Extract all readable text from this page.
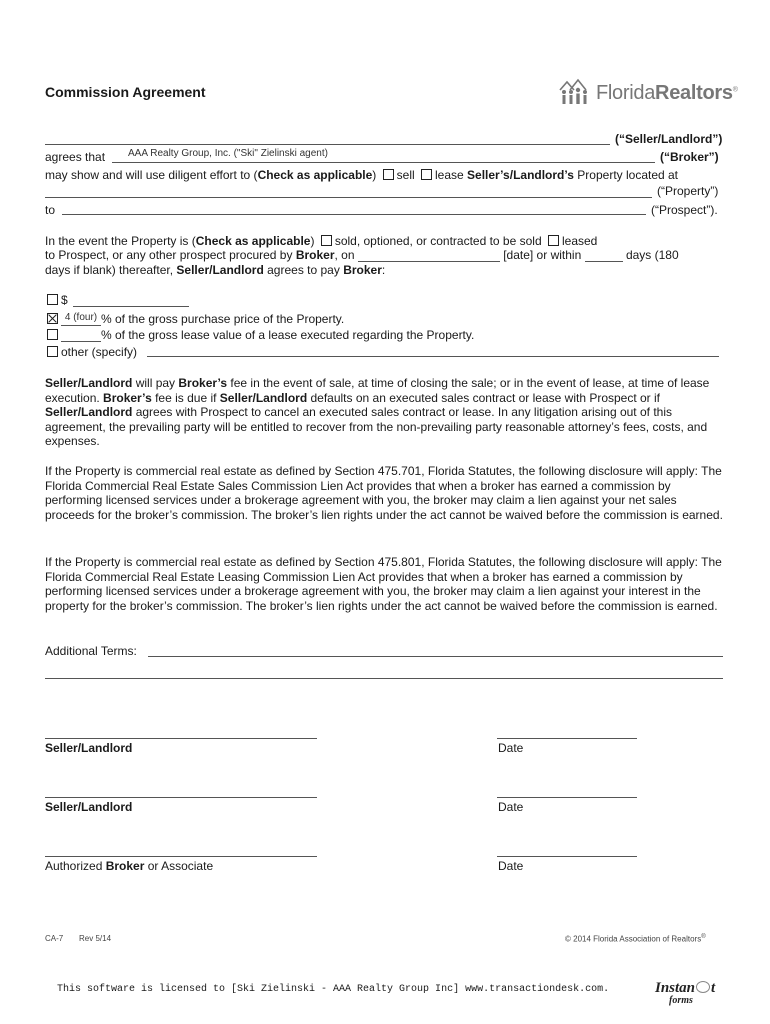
Commission Agreement	FloridaRealtors®
(“Seller/Landlord”)
agrees that AAA Realty Group, Inc. ("Ski" Zielinski agent)	(“Broker”)
may show and will use diligent effort to (Check as applicable) sell lease Seller’s/Landlord’s Property located at
(“Property”)
to	(“Prospect”).
In the event the Property is (Check as applicable) sold, optioned, or contracted to be sold leased
to Prospect, or any other prospect procured by Broker, on	[date] or within	days (180
days if blank) thereafter, Seller/Landlord agrees to pay Broker:
$
4 (four) % of the gross purchase price of the Property.
% of the gross lease value of a lease executed regarding the Property.
other (specify)
Seller/Landlord will pay Broker’s fee in the event of sale, at time of closing the sale; or in the event of lease, at time of lease execution. Broker’s fee is due if Seller/Landlord defaults on an executed sales contract or lease with Prospect or if Seller/Landlord agrees with Prospect to cancel an executed sales contract or lease. In any litigation arising out of this agreement, the prevailing party will be entitled to recover from the non-prevailing party reasonable attorney’s fees, costs, and expenses.
If the Property is commercial real estate as defined by Section 475.701, Florida Statutes, the following disclosure will apply: The Florida Commercial Real Estate Sales Commission Lien Act provides that when a broker has earned a commission by performing licensed services under a brokerage agreement with you, the broker may claim a lien against your net sales proceeds for the broker’s commission. The broker’s lien rights under the act cannot be waived before the commission is earned.
If the Property is commercial real estate as defined by Section 475.801, Florida Statutes, the following disclosure will apply: The Florida Commercial Real Estate Leasing Commission Lien Act provides that when a broker has earned a commission by performing licensed services under a brokerage agreement with you, the broker may claim a lien against your interest in the property for the broker’s commission. The broker’s lien rights under the act cannot be waived before the commission is earned.
Additional Terms:
Seller/Landlord	Date
Seller/Landlord	Date
Authorized Broker or Associate	Date
CA-7 Rev 5/14	© 2014 Florida Association of Realtors®
This software is licensed to [Ski Zielinski - AAA Realty Group Inc] www.transactiondesk.com.	Instan t
forms
